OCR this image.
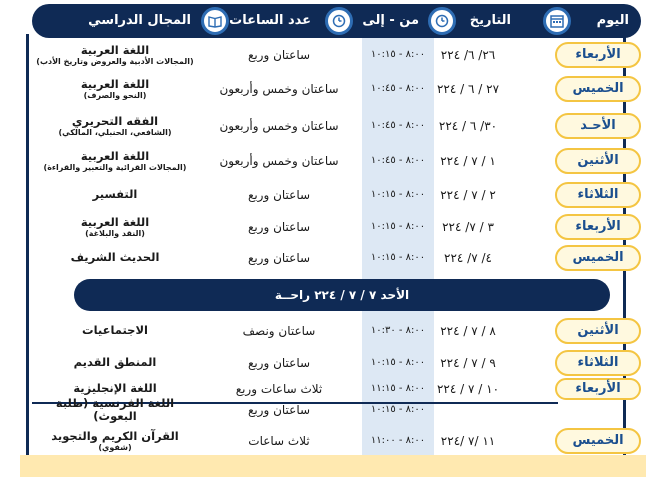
اليوم
التاريخ
من - إلى
عدد الساعات
المجال الدراسي
الأربعاء
٢٦/ ٦/ ٢٢٤
٨:٠٠ - ١٠:١٥
ساعتان وربع
اللغة العربية
(المجالات الأدبية والعروض وتاريخ الأدب)
الخميس
٢٧ / ٦ / ٢٢٤
٨:٠٠ - ١٠:٤٥
ساعتان وخمس وأربعون
اللغة العربية
(النحو والصرف)
الأحـد
٣٠/ ٦ / ٢٢٤
٨:٠٠ - ١٠:٤٥
ساعتان وخمس وأربعون
الفقه التحريري
(الشافعي، الحنبلي، المالكي)
الأثنين
١ / ٧ / ٢٢٤
٨:٠٠ - ١٠:٤٥
ساعتان وخمس وأربعون
اللغة العربية
(المجالات القرائية والتعبير والقراءة)
الثلاثاء
٢ / ٧ / ٢٢٤
٨:٠٠ - ١٠:١٥
ساعتان وربع
التفسير
الأربعاء
٣ / ٧/ ٢٢٤
٨:٠٠ - ١٠:١٥
ساعتان وربع
اللغة العربية
(النقد والبلاغة)
الخميس
٤/ ٧/ ٢٢٤
٨:٠٠ - ١٠:١٥
ساعتان وربع
الحديث الشريف
الأحد ٧ / ٧ / ٢٢٤ راحــة
الأثنين
٨ / ٧ / ٢٢٤
٨:٠٠ - ١٠:٣٠
ساعتان ونصف
الاجتماعيات
الثلاثاء
٩ / ٧ / ٢٢٤
٨:٠٠ - ١٠:١٥
ساعتان وربع
المنطق القديم
الأربعاء
١٠ / ٧ / ٢٢٤
٨:٠٠ - ١١:١٥
ثلاث ساعات وربع
اللغة الإنجليزية
٨:٠٠ - ١٠:١٥
ساعتان وربع
اللغة الفرنسية (طلبة البعوث)
الخميس
١١ /٧ /٢٢٤
٨:٠٠ - ١١:٠٠
ثلاث ساعات
القرآن الكريم والتجويد
(شفوي)
